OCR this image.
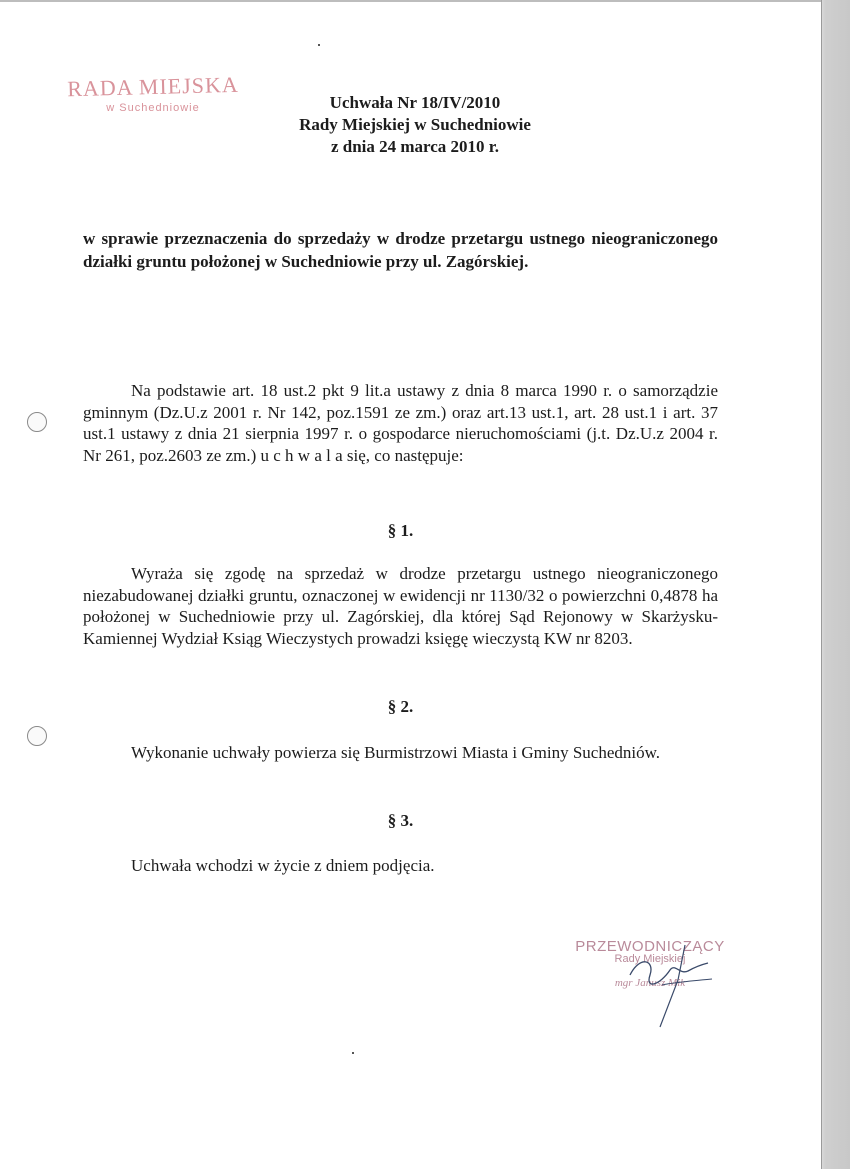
RADA MIEJSKA
w Suchedniowie	Uchwała Nr 18/IV/2010
Rady Miejskiej w Suchedniowie
z dnia 24 marca 2010 r.
w sprawie przeznaczenia do sprzedaży w drodze przetargu ustnego nieograniczonego działki gruntu położonej w Suchedniowie przy ul. Zagórskiej.
Na podstawie art. 18 ust.2 pkt 9 lit.a ustawy z dnia 8 marca 1990 r. o samorządzie gminnym (Dz.U.z 2001 r. Nr 142, poz.1591 ze zm.) oraz art.13 ust.1, art. 28 ust.1 i art. 37 ust.1 ustawy z dnia 21 sierpnia 1997 r. o gospodarce nieruchomościami (j.t. Dz.U.z 2004 r. Nr 261, poz.2603 ze zm.) u c h w a l a się, co następuje:
§ 1.
Wyraża się zgodę na sprzedaż w drodze przetargu ustnego nieograniczonego niezabudowanej działki gruntu, oznaczonej w ewidencji nr 1130/32 o powierzchni 0,4878 ha położonej w Suchedniowie przy ul. Zagórskiej, dla której Sąd Rejonowy w Skarżysku-Kamiennej Wydział Ksiąg Wieczystych prowadzi księgę wieczystą KW nr 8203.
§ 2.
Wykonanie uchwały powierza się Burmistrzowi Miasta i Gminy Suchedniów.
§ 3.
Uchwała wchodzi w życie z dniem podjęcia.
PRZEWODNICZĄCY
Rady Miejskiej
mgr Janusz Mik
